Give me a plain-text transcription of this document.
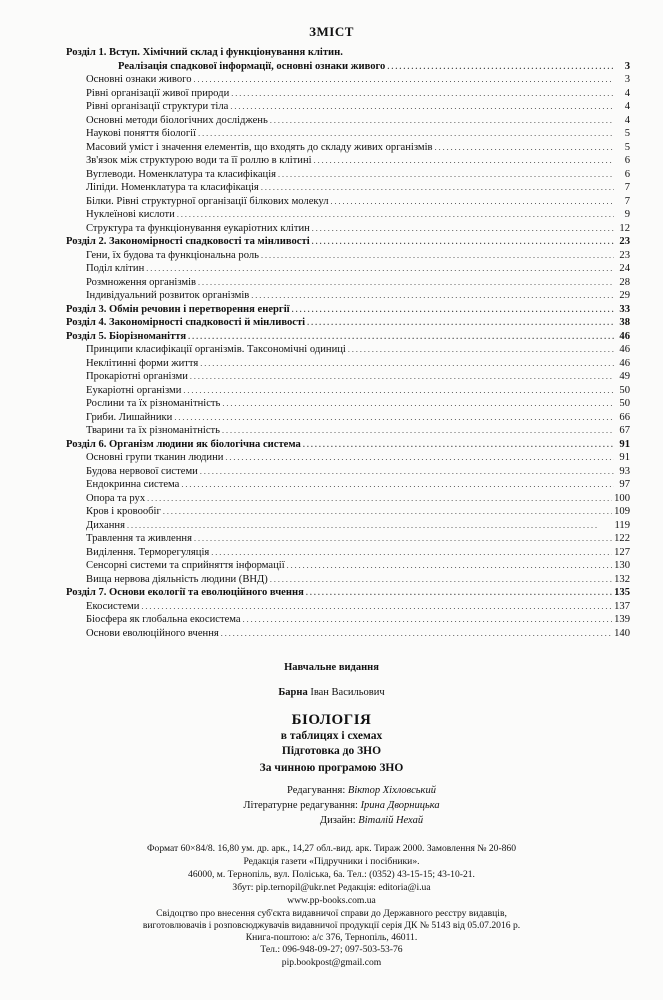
ЗМІСТ
Розділ 1. Вступ. Хімічний склад і функціонування клітин.
Реалізація спадкової інформації, основні ознаки живого . . .	3
Основні ознаки живого . . .	3
Рівні організації живої природи . . .	4
Рівні організації структури тіла . . .	4
Основні методи біологічних досліджень . . .	4
Наукові поняття біології . . .	5
Масовий уміст і значення елементів, що входять до складу живих організмів . . .	5
Зв'язок між структурою води та її роллю в клітині . . .	6
Вуглеводи. Номенклатура та класифікація . . .	6
Ліпіди. Номенклатура та класифікація . . .	7
Білки. Рівні структурної організації білкових молекул . . .	7
Нуклеїнові кислоти . . .	9
Структура та функціонування еукаріотних клітин . . .	12
Розділ 2. Закономірності спадковості та мінливості . . .	23
Гени, їх будова та функціональна роль . . .	23
Поділ клітин . . .	24
Розмноження організмів . . .	28
Індивідуальний розвиток організмів . . .	29
Розділ 3. Обмін речовин і перетворення енергії . . .	33
Розділ 4. Закономірності спадковості й мінливості . . .	38
Розділ 5. Біорізноманіття . . .	46
Принципи класифікації організмів. Таксономічні одиниці . . .	46
Неклітинні форми життя . . .	46
Прокаріотні організми . . .	49
Еукаріотні організми . . .	50
Рослини та їх різноманітність . . .	50
Гриби. Лишайники . . .	66
Тварини та їх різноманітність . . .	67
Розділ 6. Організм людини як біологічна система . . .	91
Основні групи тканин людини . . .	91
Будова нервової системи . . .	93
Ендокринна система . . .	97
Опора та рух . . .	100
Кров і кровообіг . . .	109
Дихання . . .	119
Травлення та живлення . . .	122
Виділення. Терморегуляція . . .	127
Сенсорні системи та сприйняття інформації . . .	130
Вища нервова діяльність людини (ВНД) . . .	132
Розділ 7. Основи екології та еволюційного вчення . . .	135
Екосистеми . . .	137
Біосфера як глобальна екосистема . . .	139
Основи еволюційного вчення . . .	140
Навчальне видання
Барна Іван Васильович
БІОЛОГІЯ
в таблицях і схемах
Підготовка до ЗНО
За чинною програмою ЗНО
Редагування: Віктор Хіхловський
Літературне редагування: Ірина Дворницька
Дизайн: Віталій Нехай
Формат 60×84/8. 16,80 ум. др. арк., 14,27 обл.-вид. арк. Тираж 2000. Замовлення № 20-860
Редакція газети «Підручники і посібники».
46000, м. Тернопіль, вул. Поліська, 6а. Тел.: (0352) 43-15-15; 43-10-21.
Збут: pip.ternopil@ukr.net Редакція: editoria@i.ua
www.pp-books.com.ua
Свідоцтво про внесення суб'єкта видавничої справи до Державного реєстру видавців,
виготовлювачів і розповсюджувачів видавничої продукції серія ДК № 5143 від 05.07.2016 р.
Книга-поштою: а/с 376, Тернопіль, 46011.
Тел.: 096-948-09-27; 097-503-53-76
pip.bookpost@gmail.com
